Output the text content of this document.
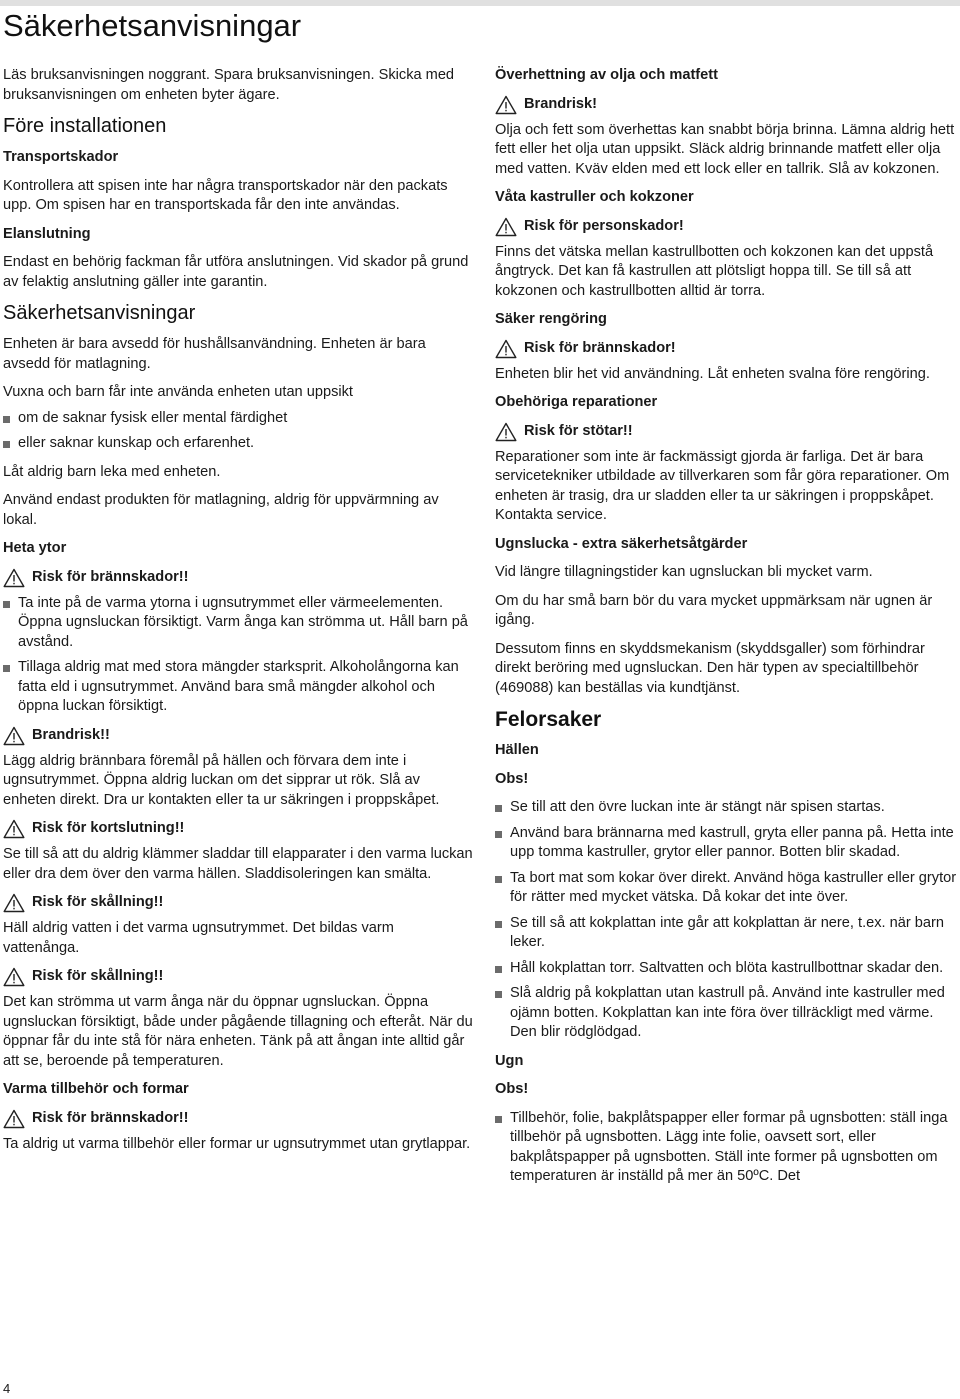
Säkerhetsanvisningar

Läs bruksanvisningen noggrant. Spara bruksanvisningen. Skicka med bruksanvisningen om enheten byter ägare.

Före installationen
Transportskador

Kontrollera att spisen inte har några transportskador när den packats upp. Om spisen har en transportskada får den inte användas.

Elanslutning

Endast en behörig fackman får utföra anslutningen. Vid skador på grund av felaktig anslutning gäller inte garantin.

Säkerhetsanvisningar

Enheten är bara avsedd för hushållsanvändning. Enheten är bara avsedd för matlagning.

Vuxna och barn får inte använda enheten utan uppsikt

om de saknar fysisk eller mental färdighet
eller saknar kunskap och erfarenhet.

Låt aldrig barn leka med enheten.

Använd endast produkten för matlagning, aldrig för uppvärmning av lokal.

Heta ytor
Risk för brännskador!!
Ta inte på de varma ytorna i ugnsutrymmet eller värmeelementen. Öppna ugnsluckan försiktigt. Varm ånga kan strömma ut. Håll barn på avstånd.
Tillaga aldrig mat med stora mängder starksprit. Alkoholångorna kan fatta eld i ugnsutrymmet. Använd bara små mängder alkohol och öppna luckan försiktigt.
Brandrisk!!

Lägg aldrig brännbara föremål på hällen och förvara dem inte i ugnsutrymmet. Öppna aldrig luckan om det sipprar ut rök. Slå av enheten direkt. Dra ur kontakten eller ta ur säkringen i proppskåpet.

Risk för kortslutning!!

Se till så att du aldrig klämmer sladdar till elapparater i den varma luckan eller dra dem över den varma hällen. Sladdisoleringen kan smälta.

Risk för skållning!!

Häll aldrig vatten i det varma ugnsutrymmet. Det bildas varm vattenånga.

Risk för skållning!!

Det kan strömma ut varm ånga när du öppnar ugnsluckan. Öppna ugnsluckan försiktigt, både under pågående tillagning och efteråt. När du öppnar får du inte stå för nära enheten. Tänk på att ångan inte alltid går att se, beroende på temperaturen.

Varma tillbehör och formar
Risk för brännskador!!

Ta aldrig ut varma tillbehör eller formar ur ugnsutrymmet utan grytlappar.

Överhettning av olja och matfett
Brandrisk!

Olja och fett som överhettas kan snabbt börja brinna. Lämna aldrig hett fett eller het olja utan uppsikt. Släck aldrig brinnande matfett eller olja med vatten. Kväv elden med ett lock eller en tallrik. Slå av kokzonen.

Våta kastruller och kokzoner
Risk för personskador!

Finns det vätska mellan kastrullbotten och kokzonen kan det uppstå ångtryck. Det kan få kastrullen att plötsligt hoppa till. Se till så att kokzonen och kastrullbotten alltid är torra.

Säker rengöring
Risk för brännskador!

Enheten blir het vid användning. Låt enheten svalna före rengöring.

Obehöriga reparationer
Risk för stötar!!

Reparationer som inte är fackmässigt gjorda är farliga. Det är bara servicetekniker utbildade av tillverkaren som får göra reparationer. Om enheten är trasig, dra ur sladden eller ta ur säkringen i proppskåpet. Kontakta service.

Ugnslucka - extra säkerhetsåtgärder

Vid längre tillagningstider kan ugnsluckan bli mycket varm.

Om du har små barn bör du vara mycket uppmärksam när ugnen är igång.

Dessutom finns en skyddsmekanism (skyddsgaller) som förhindrar direkt beröring med ugnsluckan. Den här typen av specialtillbehör (469088) kan beställas via kundtjänst.

Felorsaker
Hällen
Obs!
Se till att den övre luckan inte är stängt när spisen startas.
Använd bara brännarna med kastrull, gryta eller panna på. Hetta inte upp tomma kastruller, grytor eller pannor. Botten blir skadad.
Ta bort mat som kokar över direkt. Använd höga kastruller eller grytor för rätter med mycket vätska. Då kokar det inte över.
Se till så att kokplattan inte går att kokplattan är nere, t.ex. när barn leker.
Håll kokplattan torr. Saltvatten och blöta kastrullbottnar skadar den.
Slå aldrig på kokplattan utan kastrull på. Använd inte kastruller med ojämn botten. Kokplattan kan inte föra över tillräckligt med värme. Den blir rödglödgad.
Ugn
Obs!
Tillbehör, folie, bakplåtspapper eller formar på ugnsbotten: ställ inga tillbehör på ugnsbotten. Lägg inte folie, oavsett sort, eller bakplåtspapper på ugnsbotten. Ställ inte former på ugnsbotten om temperaturen är inställd på mer än 50ºC. Det
4
